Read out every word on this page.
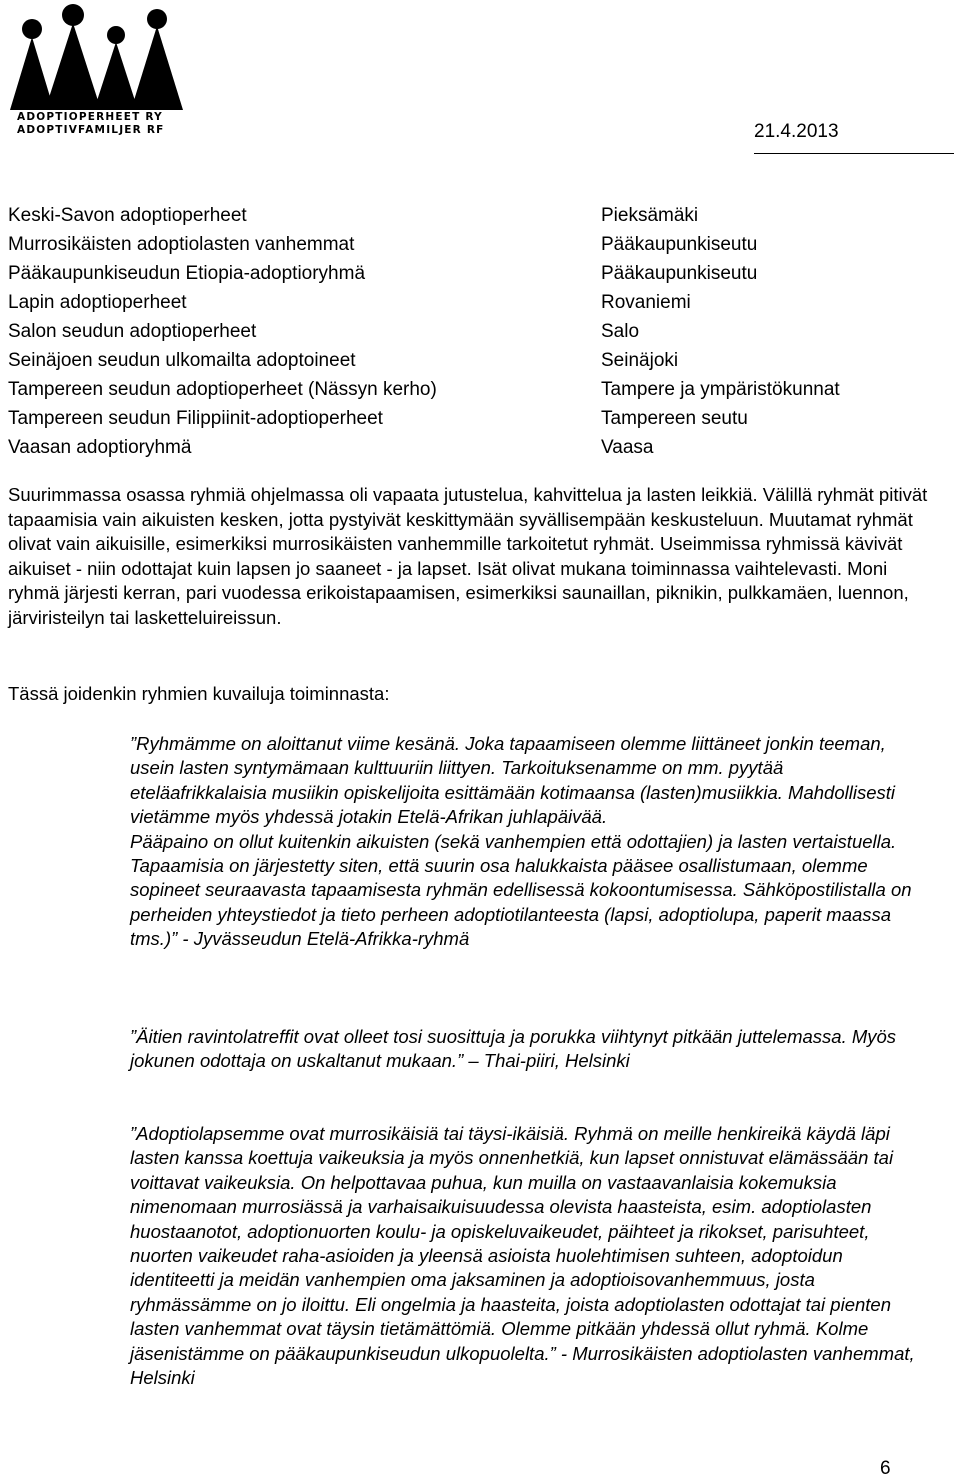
ADOPTIOPERHEET RY
ADOPTIVFAMILJER RF	21.4.2013
Keski-Savon adoptioperheet
Murrosikäisten adoptiolasten vanhemmat
Pääkaupunkiseudun Etiopia-adoptioryhmä
Lapin adoptioperheet
Salon seudun adoptioperheet
Seinäjoen seudun ulkomailta adoptoineet
Tampereen seudun adoptioperheet (Nässyn kerho)
Tampereen seudun Filippiinit-adoptioperheet
Vaasan adoptioryhmä
Pieksämäki
Pääkaupunkiseutu
Pääkaupunkiseutu
Rovaniemi
Salo
Seinäjoki
Tampere ja ympäristökunnat
Tampereen seutu
Vaasa

Suurimmassa osassa ryhmiä ohjelmassa oli vapaata jutustelua, kahvittelua ja lasten leikkiä. Välillä ryhmät pitivät tapaamisia vain aikuisten kesken, jotta pystyivät keskittymään syvällisempään keskusteluun. Muutamat ryhmät olivat vain aikuisille, esimerkiksi murrosikäisten vanhemmille tarkoitetut ryhmät. Useimmissa ryhmissä kävivät aikuiset - niin odottajat kuin lapsen jo saaneet - ja lapset. Isät olivat mukana toiminnassa vaihtelevasti. Moni ryhmä järjesti kerran, pari vuodessa erikoistapaamisen, esimerkiksi saunaillan, piknikin, pulkkamäen, luennon, järviristeilyn tai lasketteluireissun.

Tässä joidenkin ryhmien kuvailuja toiminnasta:

”Ryhmämme on aloittanut viime kesänä. Joka tapaamiseen olemme liittäneet jonkin teeman, usein lasten syntymämaan kulttuuriin liittyen. Tarkoituksenamme on mm. pyytää eteläafrikkalaisia musiikin opiskelijoita esittämään kotimaansa (lasten)musiikkia. Mahdollisesti vietämme myös yhdessä jotakin Etelä-Afrikan juhlapäivää.
Pääpaino on ollut kuitenkin aikuisten (sekä vanhempien että odottajien) ja lasten vertaistuella. Tapaamisia on järjestetty siten, että suurin osa halukkaista pääsee osallistumaan, olemme sopineet seuraavasta tapaamisesta ryhmän edellisessä kokoontumisessa. Sähköpostilistalla on perheiden yhteystiedot ja tieto perheen adoptiotilanteesta (lapsi, adoptiolupa, paperit maassa tms.)” - Jyvässeudun Etelä-Afrikka-ryhmä
”Äitien ravintolatreffit ovat olleet tosi suosittuja ja porukka viihtynyt pitkään juttelemassa. Myös jokunen odottaja on uskaltanut mukaan.” – Thai-piiri, Helsinki
”Adoptiolapsemme ovat murrosikäisiä tai täysi-ikäisiä. Ryhmä on meille henkireikä käydä läpi lasten kanssa koettuja vaikeuksia ja myös onnenhetkiä, kun lapset onnistuvat elämässään tai voittavat vaikeuksia. On helpottavaa puhua, kun muilla on vastaavanlaisia kokemuksia nimenomaan murrosiässä ja varhaisaikuisuudessa olevista haasteista, esim. adoptiolasten huostaanotot, adoptionuorten koulu- ja opiskeluvaikeudet, päihteet ja rikokset, parisuhteet, nuorten vaikeudet raha-asioiden ja yleensä asioista huolehtimisen suhteen, adoptoidun identiteetti ja meidän vanhempien oma jaksaminen ja adoptioisovanhemmuus, josta ryhmässämme on jo iloittu. Eli ongelmia ja haasteita, joista adoptiolasten odottajat tai pienten lasten vanhemmat ovat täysin tietämättömiä. Olemme pitkään yhdessä ollut ryhmä. Kolme jäsenistämme on pääkaupunkiseudun ulkopuolelta.” - Murrosikäisten adoptiolasten vanhemmat, Helsinki
6
